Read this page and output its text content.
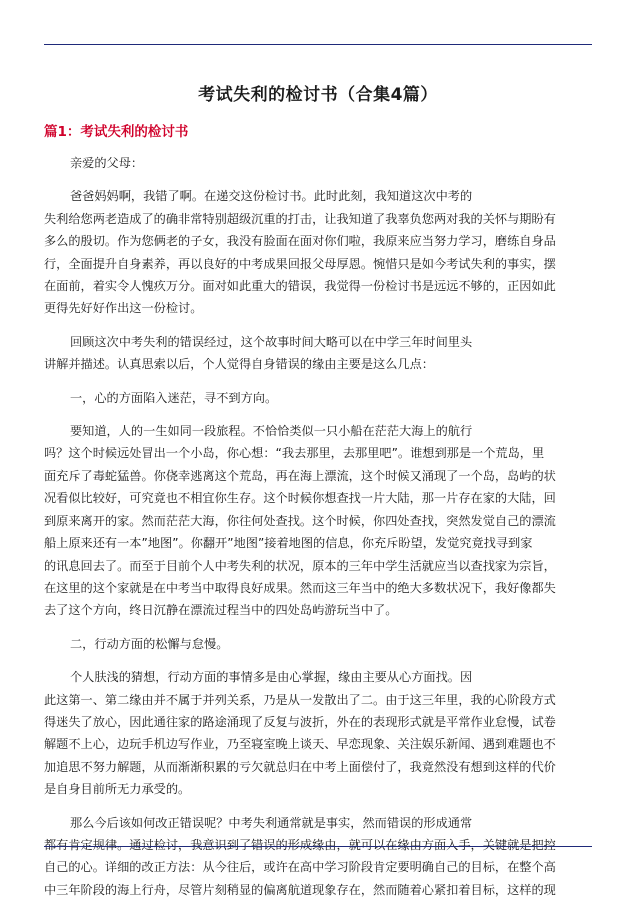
考试失利的检讨书（合集4篇）
篇1：考试失利的检讨书

亲爱的父母：

爸爸妈妈啊，我错了啊。在递交这份检讨书。此时此刻，我知道这次中考的
失利给您两老造成了的确非常特别超级沉重的打击，让我知道了我辜负您两对我的关怀与期盼有
多么的殷切。作为您俩老的子女，我没有脸面在面对你们啦，我原来应当努力学习，磨练自身品
行，全面提升自身素养，再以良好的中考成果回报父母厚恩。惋惜只是如今考试失利的事实，摆
在面前，着实令人愧疚万分。面对如此重大的错误，我觉得一份检讨书是远远不够的，正因如此
更得先好好作出这一份检讨。

回顾这次中考失利的错误经过，这个故事时间大略可以在中学三年时间里头
讲解并描述。认真思索以后，个人觉得自身错误的缘由主要是这么几点：

一，心的方面陷入迷茫，寻不到方向。

要知道，人的一生如同一段旅程。不恰恰类似一只小船在茫茫大海上的航行
吗？这个时候远处冒出一个小岛，你心想：“我去那里，去那里吧”。谁想到那是一个荒岛，里
面充斥了毒蛇猛兽。你侥幸逃离这个荒岛，再在海上漂流，这个时候又涌现了一个岛，岛屿的状
况看似比较好，可究竟也不相宜你生存。这个时候你想查找一片大陆，那一片存在家的大陆，回
到原来离开的家。然而茫茫大海，你往何处查找。这个时候，你四处查找，突然发觉自己的漂流
船上原来还有一本”地图”。你翻开”地图”接着地图的信息，你充斥盼望，发觉究竟找寻到家
的讯息回去了。而至于目前个人中考失利的状况，原本的三年中学生活就应当以查找家为宗旨，
在这里的这个家就是在中考当中取得良好成果。然而这三年当中的绝大多数状况下，我好像都失
去了这个方向，终日沉静在漂流过程当中的四处岛屿游玩当中了。

二，行动方面的松懈与怠慢。

个人肤浅的猜想，行动方面的事情多是由心掌握，缘由主要从心方面找。因
此这第一、第二缘由并不属于并列关系，乃是从一发散出了二。由于这三年里，我的心阶段方式
得迷失了放心，因此通往家的路途涌现了反复与波折，外在的表现形式就是平常作业怠慢，试卷
解题不上心，边玩手机边写作业，乃至寝室晚上谈天、早恋现象、关注娱乐新闻、遇到难题也不
加追思不努力解题，从而渐渐积累的亏欠就总归在中考上面偿付了，我竟然没有想到这样的代价
是自身目前所无力承受的。

那么今后该如何改正错误呢？中考失利通常就是事实，然而错误的形成通常
都有肯定规律。通过检讨，我意识到了错误的形成缘由，就可以在缘由方面入手，关键就是把控
自己的心。详细的改正方法：从今往后，或许在高中学习阶段肯定要明确自己的目标，在整个高
中三年阶段的海上行舟，尽管片刻稍显的偏离航道现象存在，然而随着心紧扣着目标，这样的现
